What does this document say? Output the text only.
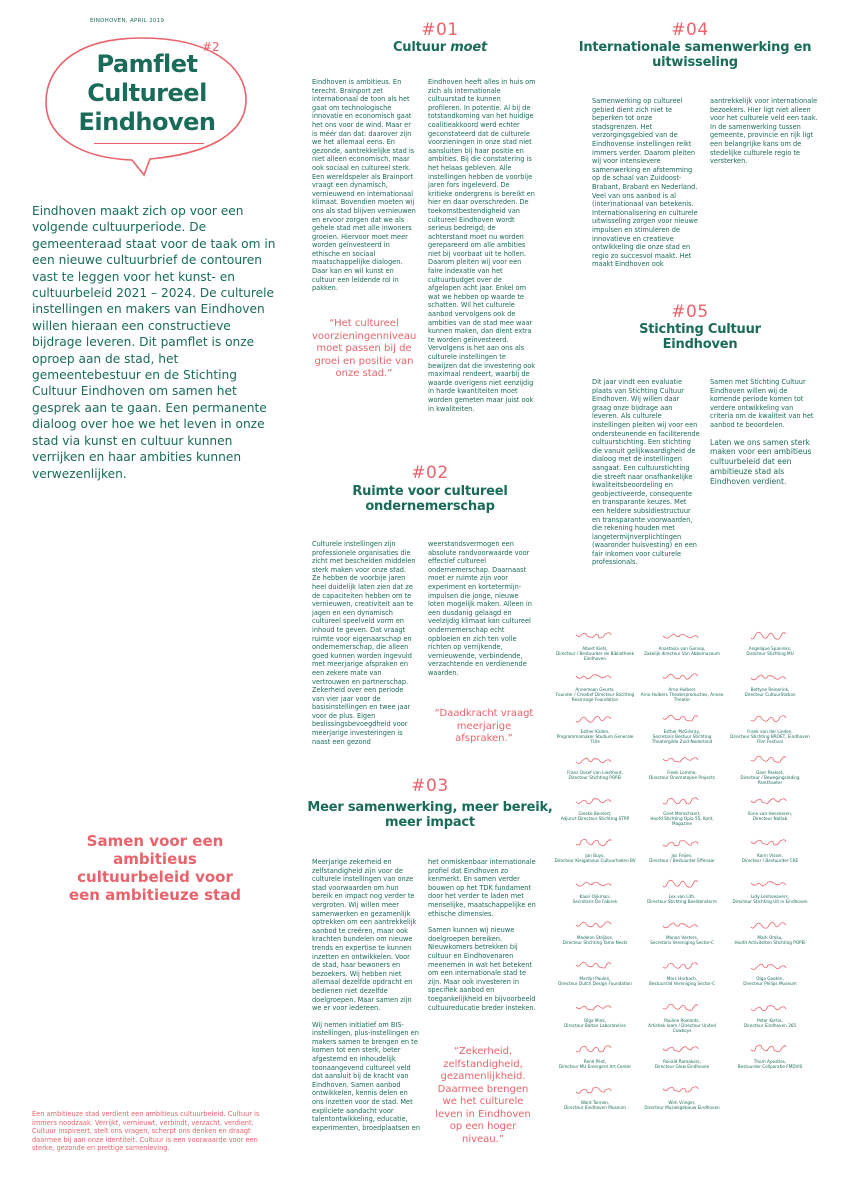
EINDHOVEN, APRIL 2019
#2
Pamflet
Cultureel
Eindhoven
Eindhoven maakt zich op voor een volgende cultuurperiode. De gemeenteraad staat voor de taak om in een nieuwe cultuurbrief de contouren vast te leggen voor het kunst- en cultuurbeleid 2021 – 2024. De culturele instellingen en makers van Eindhoven willen hieraan een constructieve bijdrage leveren. Dit pamflet is onze oproep aan de stad, het gemeentebestuur en de Stichting Cultuur Eindhoven om samen het gesprek aan te gaan. Een permanente dialoog over hoe we het leven in onze stad via kunst en cultuur kunnen verrijken en haar ambities kunnen verwezenlijken.
Samen voor een ambitieus cultuurbeleid voor een ambitieuze stad
Een ambitieuze stad verdient een ambitieus cultuurbeleid. Cultuur is immers noodzaak. Verrijkt, vernieuwt, verbindt, verzacht, verdient. Cultuur inspireert, stelt ons vragen, scherpt ons denken en draagt daarmee bij aan onze identiteit. Cultuur is een voorwaarde voor een sterke, gezonde en prettige samenleving.
#01
Cultuur moet
Eindhoven is ambitieus. En terecht. Brainport zet internationaal de toon als het gaat om technologische innovatie en economisch gaat het ons voor de wind. Maar er is méér dan dat: daarover zijn we het allemaal eens. En gezonde, aantrekkelijke stad is niet alleen economisch, maar ook sociaal en cultureel sterk. Een wereldspeler als Brainport vraagt een dynamisch, vernieuwend en internationaal klimaat. Bovendien moeten wij ons als stad blijven vernieuwen en ervoor zorgen dat we als gehele stad met alle inwoners groeien. Hiervoor moet meer worden geïnvesteerd in ethische en sociaal maatschappelijke dialogen. Daar kan en wil kunst en cultuur een leidende rol in pakken.
“Het cultureel voorzieningenniveau moet passen bij de groei en positie van onze stad.”
Eindhoven heeft alles in huis om zich als internationale cultuurstad te kunnen profileren. In potentie. Al bij de totstandkoming van het huidige coalitieakkoord werd echter geconstateerd dat de culturele voorzieningen in onze stad niet aansluiten bij haar positie en ambities. Bij die constatering is het helaas gebleven. Alle instellingen hebben de voorbije jaren fors ingeleverd. De kritieke ondergrens is bereikt en hier en daar overschreden. De toekomstbestendigheid van cultureel Eindhoven wordt serieus bedreigd; de achterstand moet nu worden gerepareerd om alle ambities niet bij voorbaat uit te hollen. Daarom pleiten wij voor een faire indexatie van het cultuurbudget over de afgelopen acht jaar. Enkel om wat we hebben op waarde te schatten. Wil het culturele aanbod vervolgens ook de ambities van de stad mee waar kunnen maken, dan dient extra te worden geïnvesteerd. Vervolgens is het aan ons als culturele instellingen te bewijzen dat die investering ook maximaal rendeert, waarbij de waarde overigens niet eenzijdig in harde kwantiteiten moet worden gemeten maar juist ook in kwaliteiten.
#02
Ruimte voor cultureel ondernemerschap
Culturele instellingen zijn professionele organisaties die zicht met beschelden middelen sterk maken voor onze stad. Ze hebben de voorbije jaren heel duidelijk laten zien dat ze de capaciteiten hebben om te vernieuwen, creativiteit aan te jagen en een dynamisch cultureel speelveld vorm en inhoud te geven. Dat vraagt ruimte voor eigenaarschap en ondernemerschap, die alleen goed kunnen worden ingevuld met meerjarige afspraken en een zekere mate van vertrouwen en partnerschap. Zekerheid over een periode van vier jaar voor de basisinstellingen en twee jaar voor de plus. Eigen beslissingsbevoegdheid voor meerjarige investeringen is naast een gezond
weerstandsvermogen een absolute randvoorwaarde voor effectief cultureel ondernemerschap. Daarnaast moet er ruimte zijn voor experiment en kortetermijn-impulsen die jonge, nieuwe loten mogelijk maken. Alleen in een dusdanig gelaagd en veelzijdig klimaat kan cultureel ondernemerschap echt opbloeien en zich ten volle richten op verrijkende, vernieuwende, verbindende, verzachtende en verdienende waarden.
“Daadkracht vraagt meerjarige afspraken.”
#03
Meer samenwerking, meer bereik, meer impact

Meerjarige zekerheid en zelfstandigheid zijn voor de culturele instellingen van onze stad voorwaarden om hun bereik en impact nog verder te vergroten. Wij willen meer samenwerken en gezamenlijk optrekken om een aantrekkelijk aanbod te creëren, maar ook krachten bundelen om nieuwe trends en expertise te kunnen inzetten en ontwikkelen. Voor de stad, haar bewoners en bezoekers. Wij hebben niet allemaal dezelfde opdracht en bedienen niet dezelfde doelgroepen. Maar samen zijn we er voor iedereen.

Wij nemen initiatief om BIS-instellingen, plus-instellingen en makers samen te brengen en te komen tot een sterk, beter afgestemd en inhoudelijk toonaangevend cultureel veld dat aansluit bij de kracht van Eindhoven. Samen aanbod ontwikkelen, kennis delen en ons inzetten voor de stad. Met expliciete aandacht voor talentontwikkeling, educatie, experimenten, broedplaatsen en

het onmiskenbaar internationale profiel dat Eindhoven zo kenmerkt. En samen verder bouwen op het TDK fundament door het verder te laden met menselijke, maatschappelijke en ethische dimensies.

Samen kunnen wij nieuwe doelgroepen bereiken. Nieuwkomers betrekken bij cultuur en Eindhovenaren meenemen in wat het betekent om een internationale stad te zijn. Maar ook investeren in specifiek aanbod en toegankelijkheid en bijvoorbeeld cultuureducatie breder insteken.

“Zekerheid, zelfstandigheid, gezamenlijkheid. Daarmee brengen we het culturele leven in Eindhoven op een hoger niveau.”
#04
Internationale samenwerking en uitwisseling
Samenwerking op cultureel gebied dient zich niet te beperken tot onze stadsgrenzen. Het verzorgingsgebied van de Eindhovense instellingen reikt immers verder. Daarom pleiten wij voor intensievere samenwerking en afstemming op de schaal van Zuidoost-Brabant, Brabant en Nederland. Veel van ons aanbod is al (inter)nationaal van betekenis. Internationalisering en culturele uitwisseling zorgen voor nieuwe impulsen en stimuleren de innovatieve en creatieve ontwikkeling die onze stad en regio zo succesvol maakt. Het maakt Eindhoven ook
aantrekkelijk voor internationale bezoekers. Hier ligt niet alleen voor het culturele veld een taak. In de samenwerking tussen gemeente, provincie en rijk ligt een belangrijke kans om de stedelijke culturele regio te versterken.
#05
Stichting Cultuur Eindhoven
Dit jaar vindt een evaluatie plaats van Stichting Cultuur Eindhoven. Wij willen daar graag onze bijdrage aan leveren. Als culturele instellingen pleiten wij voor een ondersteunende en faciliterende cultuurstichting. Een stichting die vanuit gelijkwaardigheid de dialoog met de instellingen aangaat. Een cultuurstichting die streeft naar onafhankelijke kwaliteitsbeoordeling en geobjectiveerde, consequente en transparante keuzes. Met een heldere subsidiestructuur en transparante voorwaarden, die rekening houden met langetermijnverplichtingen (waaronder huisvesting) en een fair inkomen voor culturele professionals.

Samen met Stichting Cultuur Eindhoven willen wij de komende periode komen tot verdere ontwikkeling van criteria om de kwaliteit van het aanbod te beoordelen.

Laten we ons samen sterk maken voor een ambitieus cultuurbeleid dat een ambitieuze stad als Eindhoven verdient.

Albert Kiefs,
Directeur / Bestuurder de Bibliotheek Eindhoven
Anastasia van Gennip,
Zakelijk directeur Van Abbemuseum
Angelique Spaninks,
Directeur Stichting MU
Annemoon Geurts,
Founder / Creatief Directeur Stichting Rearrange Foundation
Arno Hulbers
Arno Hulbers Theaterproducties, Annex Theater
Bettyne Reinerink,
Directeur CultuurStation
Esther Kallen,
Programmamaker Studium Generale TU/e
Esther McGilvray,
Secretaris Bestuur Stichting Theatergilde Zuid-Nederland
Frank van der Linden,
Directeur Stichting BROET, Eindhoven Film Festival
Frans Oosef van Liesthout,
Directeur Stichting POPEI
Freek Lomme,
Directeur Onomatopee Projects
Geer Paskiet,
Directeur / Bewegingsleding Parkthaeter
Gieske Bonsert,
Adjunct Directeur Stichting STRP
Griet Menschaert,
Hoofd Stichting Opia 55, Kont, Magazine
Ilona van Heeckeren,
Directeur Natlab
Jan Buys,
Directeur Kleigalaxus Cultuurhallen BV
Joc Feijen,
Directeur / Bestuurder Effenaar
Karin Visser,
Directeur / Bestuurder CKE
Kaori Oijkman,
Secretaris De Fabriek
Lex van Lith,
Directeur Stichting Beeldenstorm
Lidy Lenhoeavers,
Directeur Stichting Uit in Eindhoven
Madelon Strijbos,
Directeur Stichting Tame Nests
Manon Vosters,
Secretaris Vereniging Sector-C
Mark Omku,
Hoofd Activiteiten Stichting POPEI
Martijn Paulen,
Directeur Dutch Design Foundation
Marc Horbach,
Bestuurslid Vereniging Sector-C
Olga Gooten,
Directeur Philips Museum
Olga Mink,
Directeur Baltan Laboratories
Pauline Roelants,
Artistiek leam / Directeur United Cowboys
Peter Kortie,
Directeur Eindhoven 365
René Pënt,
Directeur MU Emergent Art Center
Ronald Ramakers,
Directeur Glow Eindhoven
Thom Apostles,
Bestuurder Collporatie FMDVIS
Ward Tonnen,
Directeur Eindhoven Museum
Wim Vringer,
Directeur Muziekgebouw Eindhoven
